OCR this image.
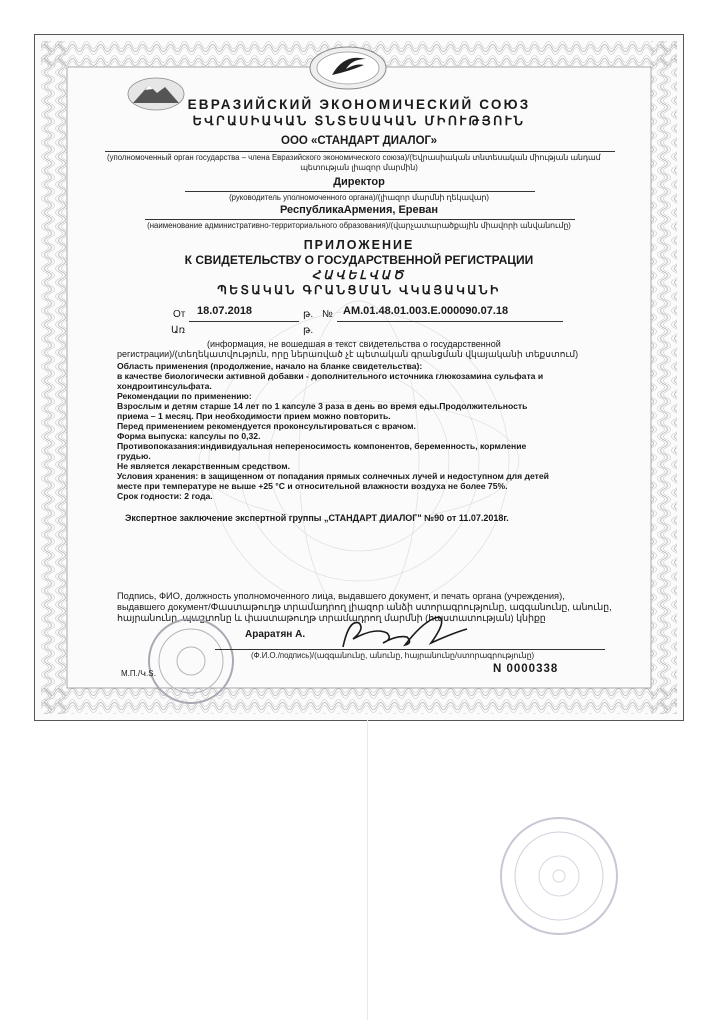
ЕВРАЗИЙСКИЙ ЭКОНОМИЧЕСКИЙ СОЮЗ
ԵՎՐԱՍԻԱԿԱՆ ՏՆՏԵՍԱԿԱՆ ՄԻՈՒԹՅՈՒՆ
ООО «СТАНДАРТ ДИАЛОГ»
(уполномоченный орган государства – члена Евразийского экономического союза)/(Եվրասիական տնտեսական միության անդամ
պետության լիազոր մարմին)
Директор
(руководитель уполномоченного органа)/(լիազոր մարմնի ղեկավար)
РеспубликаАрмения, Ереван
(наименование административно-территориального образования)/(վարչատարածքային միավորի անվանումը)
ПРИЛОЖЕНИЕ
К СВИДЕТЕЛЬСТВУ О ГОСУДАРСТВЕННОЙ РЕГИСТРАЦИИ
ՀԱՎԵԼՎԱԾ
ՊԵՏԱԿԱՆ ԳՐԱՆՑՄԱՆ ՎԿԱՅԱԿԱՆԻ
От 18.07.2018	թ. № AM.01.48.01.003.E.000090.07.18
Առ	թ.
(информация, не вошедшая в текст свидетельства о государственной
регистрации)/(տեղեկատվություն, որը ներառված չէ պետական գրանցման վկայականի տեքստում)
Область применения (продолжение, начало на бланке свидетельства):
в качестве биологически активной добавки - дополнительного источника глюкозамина сульфата и
хондроитинсульфата.
Рекомендации по применению:
Взрослым и детям старше 14 лет по 1 капсуле 3 раза в день во время еды.Продолжительность
приема – 1 месяц. При необходимости прием можно повторить.
Перед применением рекомендуется проконсультироваться с врачом.
Форма выпуска: капсулы по 0,32.
Противопоказания:индивидуальная непереносимость компонентов, беременность, кормление
грудью.
Не является лекарственным средством.
Условия хранения: в защищенном от попадания прямых солнечных лучей и недоступном для детей
месте при температуре не выше +25 °С и относительной влажности воздуха не более 75%.
Срок годности: 2 года.
Экспертное заключение экспертной группы „СТАНДАРТ ДИАЛОГ" №90 от 11.07.2018г.
Подпись, ФИО, должность уполномоченного лица, выдавшего документ, и печать органа (учреждения),
выдавшего документ/Փաստաթուղթ տրամադրող լիազոր անձի ստորագրությունը, ազգանունը, անունը,
հայրանունը, պաշտոնը և փաստաթուղթ տրամադրող մարմնի (հաստատության) կնիքը
Араратян А.
(Ф.И.О./подпись)/(ազգանունը, անունը, հայրանունը/ստորագրությունը)
М.П./Կ.Տ.	N 0000338
